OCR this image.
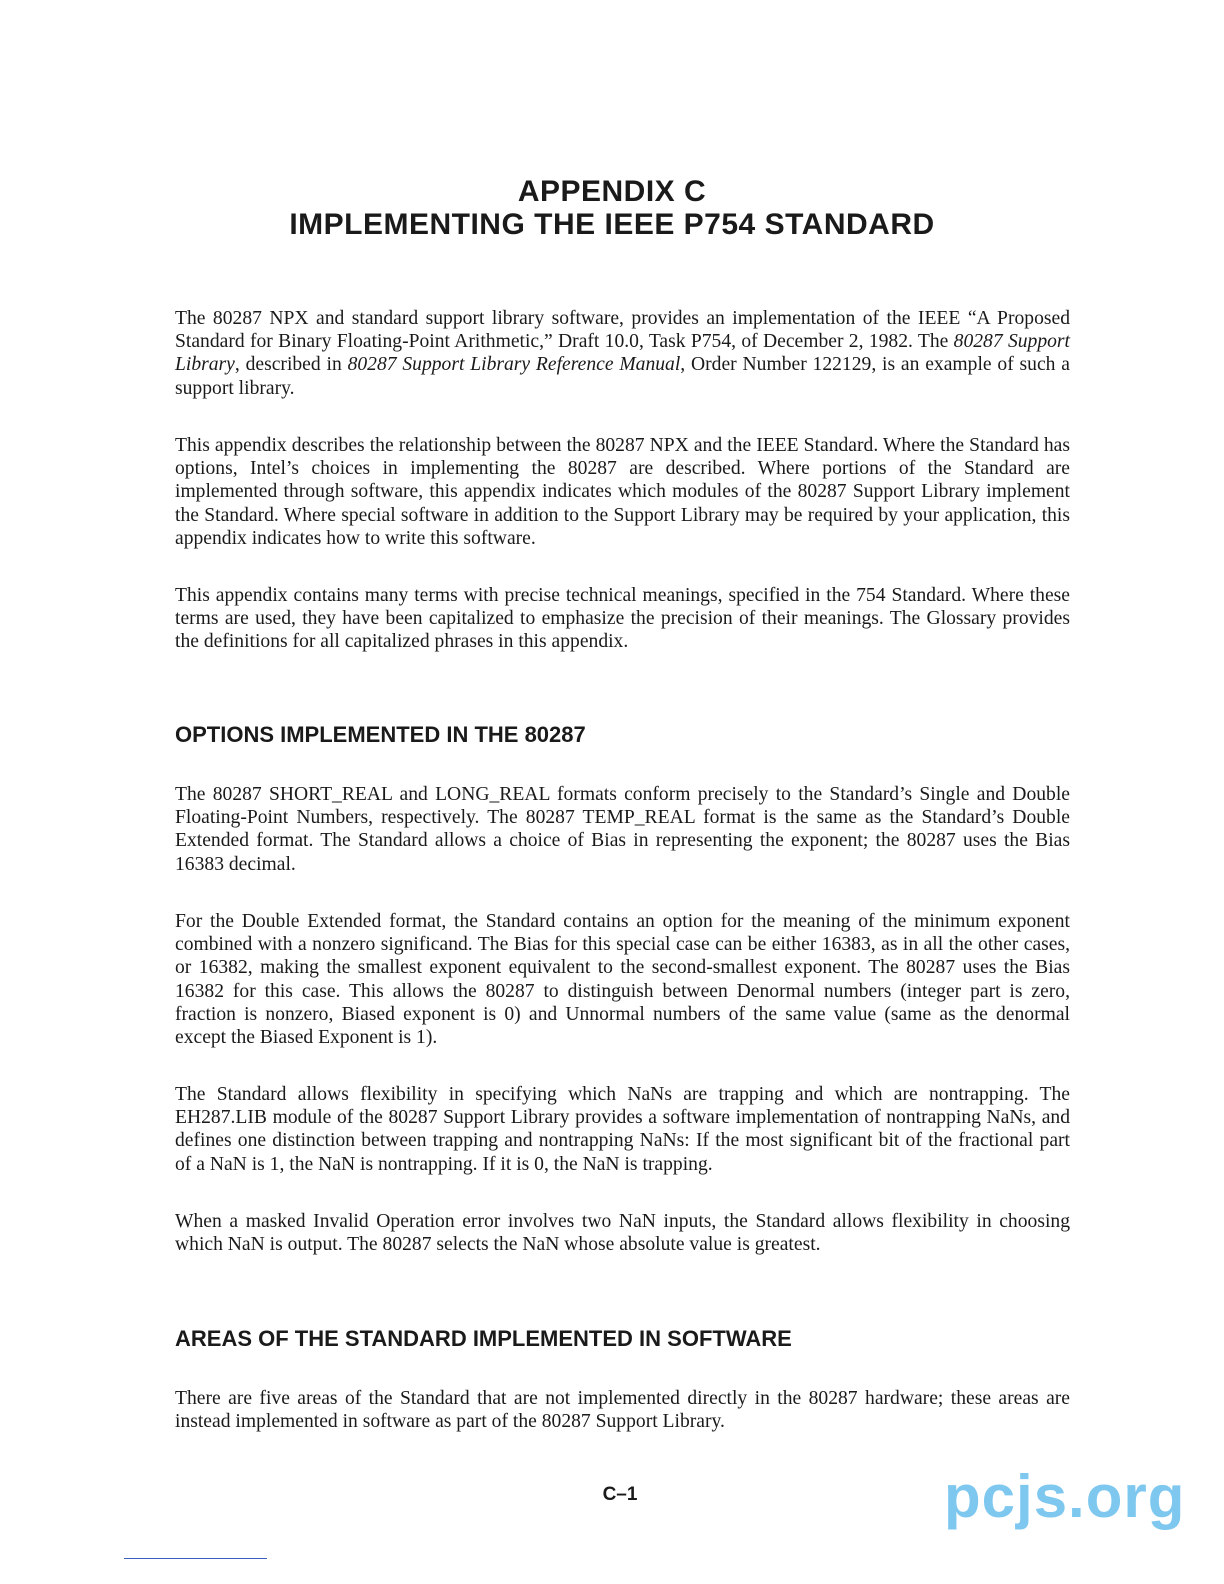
APPENDIX C
IMPLEMENTING THE IEEE P754 STANDARD

The 80287 NPX and standard support library software, provides an implementation of the IEEE “A Proposed Standard for Binary Floating-Point Arithmetic,” Draft 10.0, Task P754, of December 2, 1982. The 80287 Support Library, described in 80287 Support Library Reference Manual, Order Number 122129, is an example of such a support library.

This appendix describes the relationship between the 80287 NPX and the IEEE Standard. Where the Standard has options, Intel’s choices in implementing the 80287 are described. Where portions of the Standard are implemented through software, this appendix indicates which modules of the 80287 Support Library implement the Standard. Where special software in addition to the Support Library may be required by your application, this appendix indicates how to write this software.

This appendix contains many terms with precise technical meanings, specified in the 754 Standard. Where these terms are used, they have been capitalized to emphasize the precision of their meanings. The Glossary provides the definitions for all capitalized phrases in this appendix.

OPTIONS IMPLEMENTED IN THE 80287

The 80287 SHORT_REAL and LONG_REAL formats conform precisely to the Standard’s Single and Double Floating-Point Numbers, respectively. The 80287 TEMP_REAL format is the same as the Standard’s Double Extended format. The Standard allows a choice of Bias in representing the exponent; the 80287 uses the Bias 16383 decimal.

For the Double Extended format, the Standard contains an option for the meaning of the minimum exponent combined with a nonzero significand. The Bias for this special case can be either 16383, as in all the other cases, or 16382, making the smallest exponent equivalent to the second-smallest exponent. The 80287 uses the Bias 16382 for this case. This allows the 80287 to distinguish between Denormal numbers (integer part is zero, fraction is nonzero, Biased exponent is 0) and Unnormal numbers of the same value (same as the denormal except the Biased Exponent is 1).

The Standard allows flexibility in specifying which NaNs are trapping and which are nontrapping. The EH287.LIB module of the 80287 Support Library provides a software implementation of nontrapping NaNs, and defines one distinction between trapping and nontrapping NaNs: If the most significant bit of the fractional part of a NaN is 1, the NaN is nontrapping. If it is 0, the NaN is trapping.

When a masked Invalid Operation error involves two NaN inputs, the Standard allows flexibility in choosing which NaN is output. The 80287 selects the NaN whose absolute value is greatest.

AREAS OF THE STANDARD IMPLEMENTED IN SOFTWARE

There are five areas of the Standard that are not implemented directly in the 80287 hardware; these areas are instead implemented in software as part of the 80287 Support Library.

C–1	pcjs.org
